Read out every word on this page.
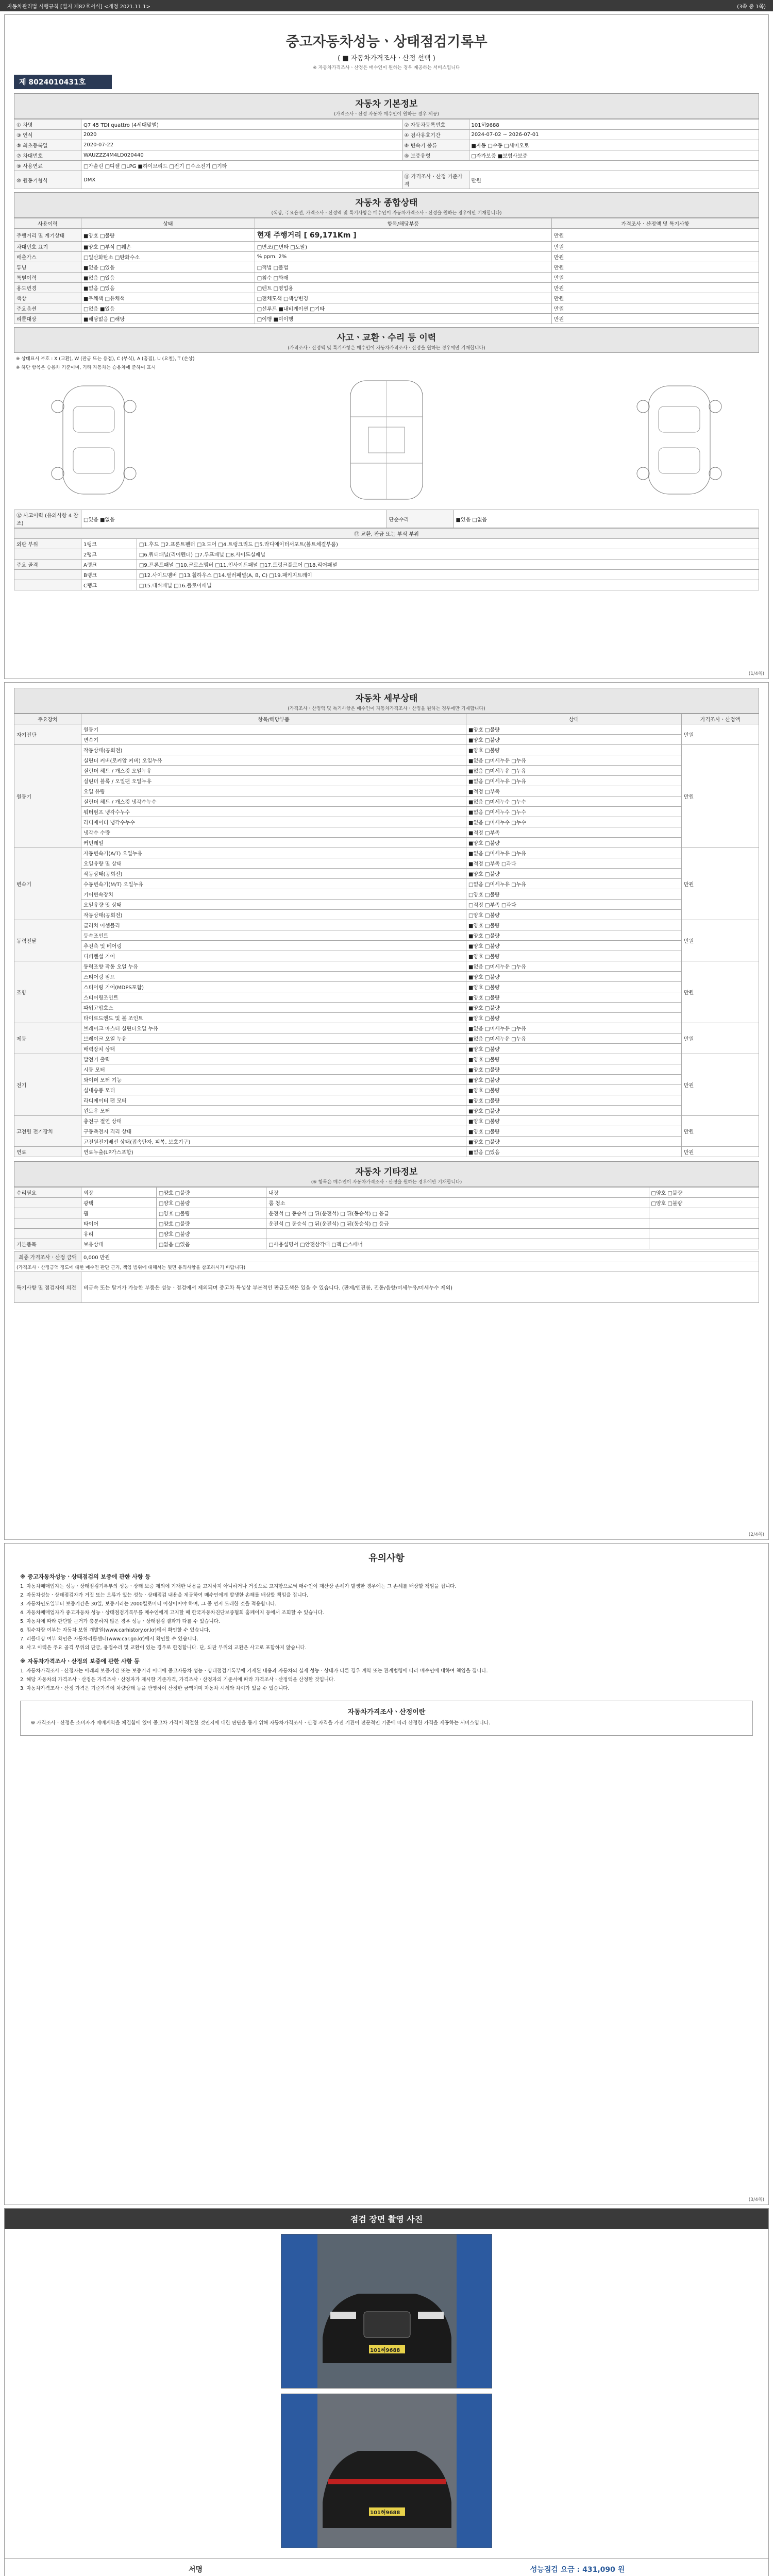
자동차관리법 시행규칙 [별지 제82호서식] <개정 2021.11.1>	(3쪽 중 1쪽)
중고자동차성능ㆍ상태점검기록부
( ■ 자동차가격조사ㆍ산정 선택 )
※ 자동차가격조사ㆍ산정은 매수인이 원하는 경우 제공하는 서비스입니다
제 8024010431호
자동차 기본정보
(가격조사ㆍ산정 자동차 매수인이 원하는 경우 제공)
① 차명	Q7 45 TDI quattro (4세대맞벌)	② 자동차등록번호	101허9688
③ 연식	2020	④ 검사유효기간	2024-07-02 ~ 2026-07-01
⑤ 최초등록일	2020-07-22	⑥ 변속기 종류	■자동 □수동 □세미오토
⑦ 차대번호	WAUZZZ4M4LD020440	⑧ 보증유형	□자가보증 ■보험사보증
⑨ 사용연료	□가솔린 □디젤 □LPG ■하이브리드 □전기 □수소전기 □기타		
⑩ 원동기형식	DMX	⑪ 가격조사ㆍ산정 기준가격	만원
자동차 종합상태
(색상, 주요옵션, 가격조사ㆍ산정액 및 특기사항은 매수인이 자동차가격조사ㆍ산정을 원하는 경우에만 기재합니다)
사용이력	상태	항목/해당부품	가격조사ㆍ산정액 및 특기사항
주행거리 및 계기상태	■양호 □불량	현재 주행거리 [ 69,171Km ]	만원
차대번호 표기	■양호 □부식 □훼손	□변조(□변타 □도말)	만원
배출가스	□일산화탄소 □탄화수소	% ppm. 2%	만원
튜닝	■없음 □있음	□적법 □불법	만원
특별이력	■없음 □있음	□침수 □화재	만원
용도변경	■없음 □있음	□렌트 □영업용	만원
색상	■무채색 □유채색	□전체도색 □색상변경	만원
주요옵션	□없음 ■있음	□선루프 ■내비게이션 □기타	만원
리콜대상	■해당없음 □해당	□이행 ■미이행	만원
사고ㆍ교환ㆍ수리 등 이력
(가격조사ㆍ산정액 및 특기사항은 매수인이 자동차가격조사ㆍ산정을 원하는 경우에만 기재합니다)
※ 상태표시 부호 : X (교환), W (판금 또는 용접), C (부식), A (흠집), U (요철), T (손상)
※ 하단 항목은 승용차 기준이며, 기타 자동차는 승용차에 준하여 표시
⑫ 사고이력 (유의사항 4 참조)	□있음 ■없음	단순수리	■있음 □없음
⑬ 교환, 판금 또는 부식 부위		
외판 부위	1랭크	□1.후드 □2.프론트펜더 □3.도어 □4.트렁크리드 □5.라디에이터서포트(볼트체결부품)
	2랭크	□6.쿼터패널(리어펜더) □7.루프패널 □8.사이드실패널
주요 골격	A랭크	□9.프론트패널 □10.크로스멤버 □11.인사이드패널 □17.트렁크플로어 □18.리어패널
	B랭크	□12.사이드멤버 □13.휠하우스 □14.필러패널(A, B, C) □19.패키지트레이
	C랭크	□15.대쉬패널 □16.플로어패널
(1/4쪽)
자동차 세부상태
(가격조사ㆍ산정액 및 특기사항은 매수인이 자동차가격조사ㆍ산정을 원하는 경우에만 기재합니다)
주요장치	항목/해당부품	상태	가격조사ㆍ산정액
자기진단	원동기	■양호 □불량	만원
	변속기	■양호 □불량	
원동기	작동상태(공회전)	■양호 □불량	만원
	실린더 커버(로커암 커버) 오일누유	■없음 □미세누유 □누유	
	실린더 헤드 / 개스킷 오일누유	■없음 □미세누유 □누유	
	실린더 블록 / 오일팬 오일누유	■없음 □미세누유 □누유	
	오일 유량	■적정 □부족	
	실린더 헤드 / 개스킷 냉각수누수	■없음 □미세누수 □누수	
	워터펌프 냉각수누수	■없음 □미세누수 □누수	
	라디에이터 냉각수누수	■없음 □미세누수 □누수	
	냉각수 수량	■적정 □부족	
	커먼레일	■양호 □불량	
변속기	자동변속기(A/T) 오일누유	■없음 □미세누유 □누유	만원
	오일유량 및 상태	■적정 □부족 □과다	
	작동상태(공회전)	■양호 □불량	
	수동변속기(M/T) 오일누유	□없음 □미세누유 □누유	
	기어변속장치	□양호 □불량	
	오일유량 및 상태	□적정 □부족 □과다	
	작동상태(공회전)	□양호 □불량	
동력전달	클러치 어셈블리	■양호 □불량	만원
	등속조인트	■양호 □불량	
	추진축 및 베어링	■양호 □불량	
	디퍼렌셜 기어	■양호 □불량	
조향	동력조향 작동 오일 누유	■없음 □미세누유 □누유	만원
	스티어링 펌프	■양호 □불량	
	스티어링 기어(MDPS포함)	■양호 □불량	
	스티어링조인트	■양호 □불량	
	파워고압호스	■양호 □불량	
	타이로드엔드 및 볼 조인트	■양호 □불량	
제동	브레이크 마스터 실린더오일 누유	■없음 □미세누유 □누유	만원
	브레이크 오일 누유	■없음 □미세누유 □누유	
	배력장치 상태	■양호 □불량	
전기	발전기 출력	■양호 □불량	만원
	시동 모터	■양호 □불량	
	와이퍼 모터 기능	■양호 □불량	
	실내송풍 모터	■양호 □불량	
	라디에이터 팬 모터	■양호 □불량	
	윈도우 모터	■양호 □불량	
고전원 전기장치	충전구 절연 상태	■양호 □불량	만원
	구동축전지 격리 상태	■양호 □불량	
	고전원전기배선 상태(접속단자, 피복, 보호기구)	■양호 □불량	
연료	연료누출(LP가스포함)	■없음 □있음	만원
자동차 기타정보
(※ 항목은 매수인이 자동차가격조사ㆍ산정을 원하는 경우에만 기재합니다)
수리필요	외장	□양호 □불량	내장	□양호 □불량
	광택	□양호 □불량	룸 청소	□양호 □불량
	휠	□양호 □불량	운전석 □ 동승석 □ 뒤(운전석) □ 뒤(동승석) □ 응급	
	타이어	□양호 □불량	운전석 □ 동승석 □ 뒤(운전석) □ 뒤(동승석) □ 응급	
	유리	□양호 □불량		
기본품목	보유상태	□없음 □있음	□사용설명서 □안전삼각대 □잭 □스패너	
최종 가격조사ㆍ산정 금액	0,000 만원
(가격조사ㆍ산정금액 정도에 대한 매수인 판단 근거, 책임 범위에 대해서는 뒷면 유의사항을 참조하시기 바랍니다)	
특기사항 및 점검자의 의견	비금속 또는 탈거가 가능한 부품은 성능ㆍ점검에서 제외되며 중고차 특성상 부분적인 판금도색은 있을 수 있습니다. (판제/엔진룸, 진동/음향/미세누유/미세누수 제외)
(2/4쪽)
유의사항
※ 중고자동차성능ㆍ상태점검의 보증에 관한 사항 등

1. 자동차매매업자는 성능ㆍ상태점검기록부의 성능ㆍ상태 보증 제외에 기재한 내용을 고지하지 아니하거나 거짓으로 고지함으로써 매수인이 재산상 손해가 발생한 경우에는 그 손해를 배상할 책임을 집니다.

2. 자동차성능ㆍ상태점검자가 거짓 또는 오류가 있는 성능ㆍ상태점검 내용을 제공하여 매수인에게 발생한 손해를 배상할 책임을 집니다.

3. 자동차인도일부터 보증기간은 30일, 보증거리는 2000킬로미터 이상이어야 하며, 그 중 먼저 도래한 것을 적용합니다.

4. 자동차매매업자가 중고자동차 성능ㆍ상태점검기록부를 매수인에게 고지할 때 한국자동차진단보증협회 홈페이지 등에서 조회할 수 있습니다.

5. 자동차에 따라 판단할 근거가 충분하지 않은 경우 성능ㆍ상태점검 결과가 다를 수 있습니다.

6. 침수차량 여부는 자동차 보험 개발원(www.carhistory.or.kr)에서 확인할 수 있습니다.

7. 리콜대상 여부 확인은 자동차리콜센터(www.car.go.kr)에서 확인할 수 있습니다.

8. 사고 이력은 주요 골격 부위의 판금, 용접수리 및 교환이 있는 경우로 한정합니다. 단, 외판 부위의 교환은 사고로 포함하지 않습니다.

※ 자동차가격조사ㆍ산정의 보증에 관한 사항 등

1. 자동차가격조사ㆍ산정자는 아래의 보증기간 또는 보증거리 이내에 중고자동차 성능ㆍ상태점검기록부에 기재된 내용과 자동차의 실제 성능ㆍ상태가 다른 경우 계약 또는 관계법령에 따라 매수인에 대하여 책임을 집니다.

2. 해당 자동차의 가격조사ㆍ산정은 가격조사ㆍ산정자가 제시한 기준가격, 가격조사ㆍ산정자의 기준서에 따라 가격조사ㆍ산정액을 산정한 것입니다.

3. 자동차가격조사ㆍ산정 가격은 기준가격에 차량상태 등을 반영하여 산정한 금액이며 자동차 시세와 차이가 있을 수 있습니다.

자동차가격조사ㆍ산정이란

※ 가격조사ㆍ산정은 소비자가 매매계약을 체결함에 있어 중고차 가격이 적절한 것인지에 대한 판단을 돕기 위해 자동차가격조사ㆍ산정 자격을 가진 기관이 전문적인 기준에 따라 산정한 가격을 제공하는 서비스입니다.

(3/4쪽)
점검 장면 촬영 사진
101허9688
101허9688
서명	성능점검 요금 : 431,090 원
